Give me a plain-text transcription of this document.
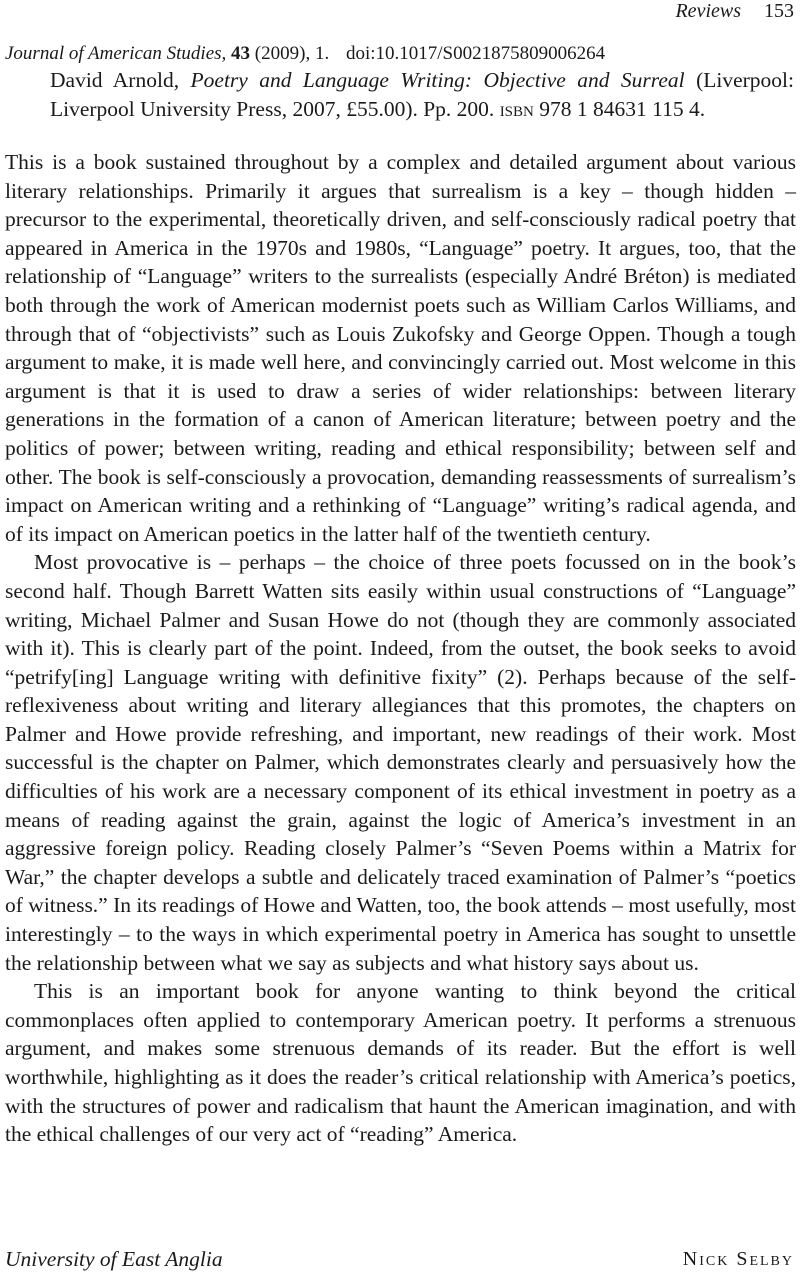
Reviews 153
Journal of American Studies, 43 (2009), 1. doi:10.1017/S0021875809006264
David Arnold, Poetry and Language Writing: Objective and Surreal (Liverpool: Liverpool University Press, 2007, £55.00). Pp. 200. isbn 978 1 84631 115 4.

This is a book sustained throughout by a complex and detailed argument about various literary relationships. Primarily it argues that surrealism is a key – though hidden – precursor to the experimental, theoretically driven, and self-consciously radical poetry that appeared in America in the 1970s and 1980s, “Language” poetry. It argues, too, that the relationship of “Language” writers to the surrealists (especially André Bréton) is mediated both through the work of American modernist poets such as William Carlos Williams, and through that of “objectivists” such as Louis Zukofsky and George Oppen. Though a tough argument to make, it is made well here, and convincingly carried out. Most welcome in this argument is that it is used to draw a series of wider relationships: between literary generations in the formation of a canon of American literature; between poetry and the politics of power; between writing, reading and ethical responsibility; between self and other. The book is self-consciously a provocation, demanding reassessments of surrealism’s impact on American writing and a rethinking of “Language” writing’s radical agenda, and of its impact on American poetics in the latter half of the twentieth century.

Most provocative is – perhaps – the choice of three poets focussed on in the book’s second half. Though Barrett Watten sits easily within usual constructions of “Language” writing, Michael Palmer and Susan Howe do not (though they are commonly associated with it). This is clearly part of the point. Indeed, from the outset, the book seeks to avoid “petrify[ing] Language writing with definitive fixity” (2). Perhaps because of the self-reflexiveness about writing and literary allegiances that this promotes, the chapters on Palmer and Howe provide refreshing, and important, new readings of their work. Most successful is the chapter on Palmer, which demonstrates clearly and persuasively how the difficulties of his work are a necessary component of its ethical investment in poetry as a means of reading against the grain, against the logic of America’s investment in an aggressive foreign policy. Reading closely Palmer’s “Seven Poems within a Matrix for War,” the chapter develops a subtle and delicately traced examination of Palmer’s “poetics of witness.” In its readings of Howe and Watten, too, the book attends – most usefully, most interestingly – to the ways in which experimental poetry in America has sought to unsettle the relationship between what we say as subjects and what history says about us.

This is an important book for anyone wanting to think beyond the critical commonplaces often applied to contemporary American poetry. It performs a strenuous argument, and makes some strenuous demands of its reader. But the effort is well worthwhile, highlighting as it does the reader’s critical relationship with America’s poetics, with the structures of power and radicalism that haunt the American imagination, and with the ethical challenges of our very act of “reading” America.

University of East Anglia	Nick Selby
